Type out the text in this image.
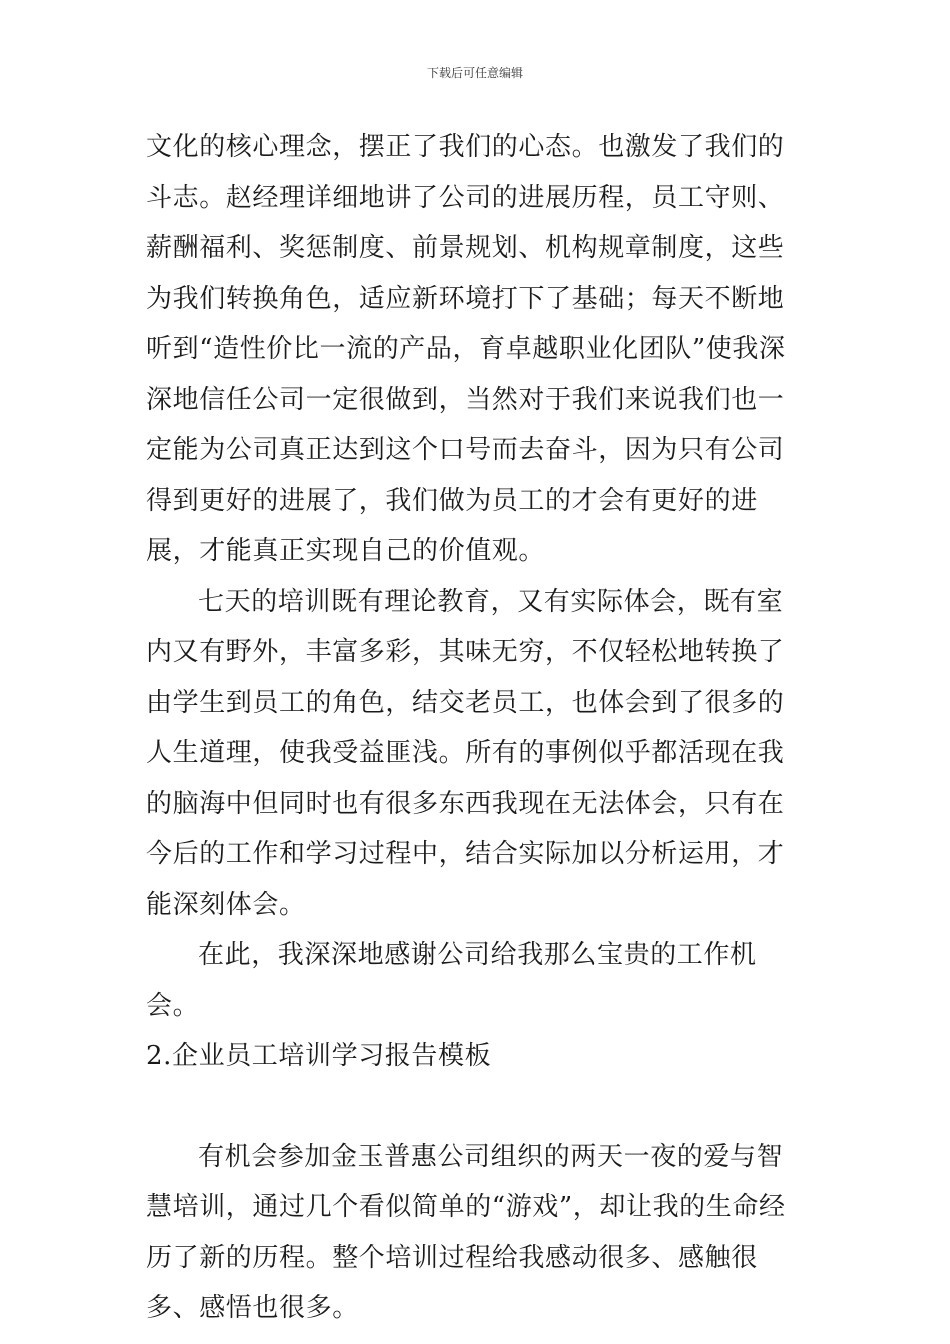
下载后可任意编辑

文化的核心理念，摆正了我们的心态。也激发了我们的斗志。赵经理详细地讲了公司的进展历程，员工守则、薪酬福利、奖惩制度、前景规划、机构规章制度，这些为我们转换角色，适应新环境打下了基础；每天不断地听到“造性价比一流的产品，育卓越职业化团队”使我深深地信任公司一定很做到，当然对于我们来说我们也一定能为公司真正达到这个口号而去奋斗，因为只有公司得到更好的进展了，我们做为员工的才会有更好的进展，才能真正实现自己的价值观。

七天的培训既有理论教育，又有实际体会，既有室内又有野外，丰富多彩，其味无穷，不仅轻松地转换了由学生到员工的角色，结交老员工，也体会到了很多的人生道理，使我受益匪浅。所有的事例似乎都活现在我的脑海中但同时也有很多东西我现在无法体会，只有在今后的工作和学习过程中，结合实际加以分析运用，才能深刻体会。

在此，我深深地感谢公司给我那么宝贵的工作机会。

2.企业员工培训学习报告模板

有机会参加金玉普惠公司组织的两天一夜的爱与智慧培训，通过几个看似简单的“游戏”，却让我的生命经历了新的历程。整个培训过程给我感动很多、感触很多、感悟也很多。
